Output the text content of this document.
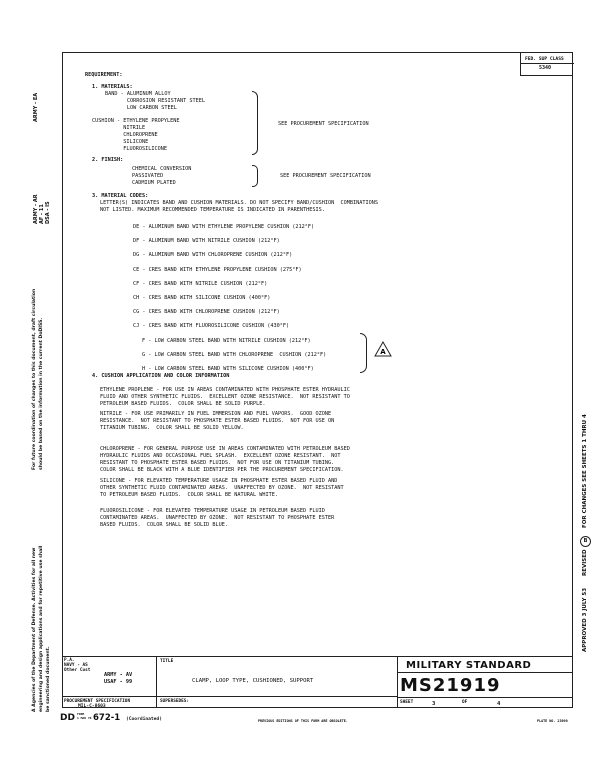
ARMY - EA
ARMY - AR
AF - 11
DSA - IS
For future coordination of changes to this document, draft circulation
should be based on the information in the current DoDISS.
A Agencies of the Department of Defense. Activities for all new
engineering and design applications and for repetitive use shall
be sanctioned document.
FOR CHANGES SEE SHEETS 1 THRU 4
REVISED
B
APPROVED 3 JULY 53
FED. SUP CLASS
5340
REQUIREMENT:
1. MATERIALS:
BAND - ALUMINUM ALLOY
CORROSION RESISTANT STEEL
LOW CARBON STEEL
CUSHION - ETHYLENE PROPYLENE
NITRILE
CHLOROPRENE
SILICONE
FLUOROSILICONE
SEE PROCUREMENT SPECIFICATION
2. FINISH:
CHEMICAL CONVERSION
PASSIVATED
CADMIUM PLATED
SEE PROCUREMENT SPECIFICATION
3. MATERIAL CODES:
LETTER(S) INDICATES BAND AND CUSHION MATERIALS. DO NOT SPECIFY BAND/CUSHION  COMBINATIONS
NOT LISTED. MAXIMUM RECOMMENDED TEMPERATURE IS INDICATED IN PARENTHESIS.
DE - ALUMINUM BAND WITH ETHYLENE PROPYLENE CUSHION (212°F)
DF - ALUMINUM BAND WITH NITRILE CUSHION (212°F)
DG - ALUMINUM BAND WITH CHLOROPRENE CUSHION (212°F)
CE - CRES BAND WITH ETHYLENE PROPYLENE CUSHION (275°F)
CF - CRES BAND WITH NITRILE CUSHION (212°F)
CH - CRES BAND WITH SILICONE CUSHION (400°F)
CG - CRES BAND WITH CHLOROPRENE CUSHION (212°F)
CJ - CRES BAND WITH FLUOROSILICONE CUSHION (430°F)
F - LOW CARBON STEEL BAND WITH NITRILE CUSHION (212°F)
G - LOW CARBON STEEL BAND WITH CHLOROPRENE  CUSHION (212°F)
H - LOW CARBON STEEL BAND WITH SILICONE CUSHION (400°F)
A
4. CUSHION APPLICATION AND COLOR INFORMATION
ETHYLENE PROPLENE - FOR USE IN AREAS CONTAMINATED WITH PHOSPHATE ESTER HYDRAULIC
FLUID AND OTHER SYNTHETIC FLUIDS.  EXCELLENT OZONE RESISTANCE.  NOT RESISTANT TO
PETROLEUM BASED FLUIDS.  COLOR SHALL BE SOLID PURPLE.
NITRILE - FOR USE PRIMARILY IN FUEL IMMERSION AND FUEL VAPORS.  GOOD OZONE
RESISTANCE.  NOT RESISTANT TO PHOSPHATE ESTER BASED FLUIDS.  NOT FOR USE ON
TITANIUM TUBING.  COLOR SHALL BE SOLID YELLOW.
CHLOROPRENE - FOR GENERAL PURPOSE USE IN AREAS CONTAMINATED WITH PETROLEUM BASED
HYDRAULIC FLUIDS AND OCCASIONAL FUEL SPLASH.  EXCELLENT OZONE RESISTANT.  NOT
RESISTANT TO PHOSPHATE ESTER BASED FLUIDS.  NOT FOR USE ON TITANIUM TUBING.
COLOR SHALL BE BLACK WITH A BLUE IDENTIFIER PER THE PROCUREMENT SPECIFICATION.
SILICONE - FOR ELEVATED TEMPERATURE USAGE IN PHOSPHATE ESTER BASED FLUID AND
OTHER SYNTHETIC FLUID CONTAMINATED AREAS.  UNAFFECTED BY OZONE.  NOT RESISTANT
TO PETROLEUM BASED FLUIDS.  COLOR SHALL BE NATURAL WHITE.
FLUOROSILICONE - FOR ELEVATED TEMPERATURE USAGE IN PETROLEUM BASED FLUID
CONTAMINATED AREAS.  UNAFFECTED BY OZONE.  NOT RESISTANT TO PHOSPHATE ESTER
BASED FLUIDS.  COLOR SHALL BE SOLID BLUE.
P.A.
NAVY - AS
Other Cust
ARMY - AV
USAF - 99
TITLE
CLAMP, LOOP TYPE, CUSHIONED, SUPPORT
PROCUREMENT SPECIFICATION
MIL-C-8603
SUPERSEDES:
MILITARY STANDARD
MS21919
SHEET	3	OF	4
DD FORM
1 MAR 70 672-1 (Coordinated)	PREVIOUS EDITIONS OF THIS FORM ARE OBSOLETE.	PLATE NO. 23090
